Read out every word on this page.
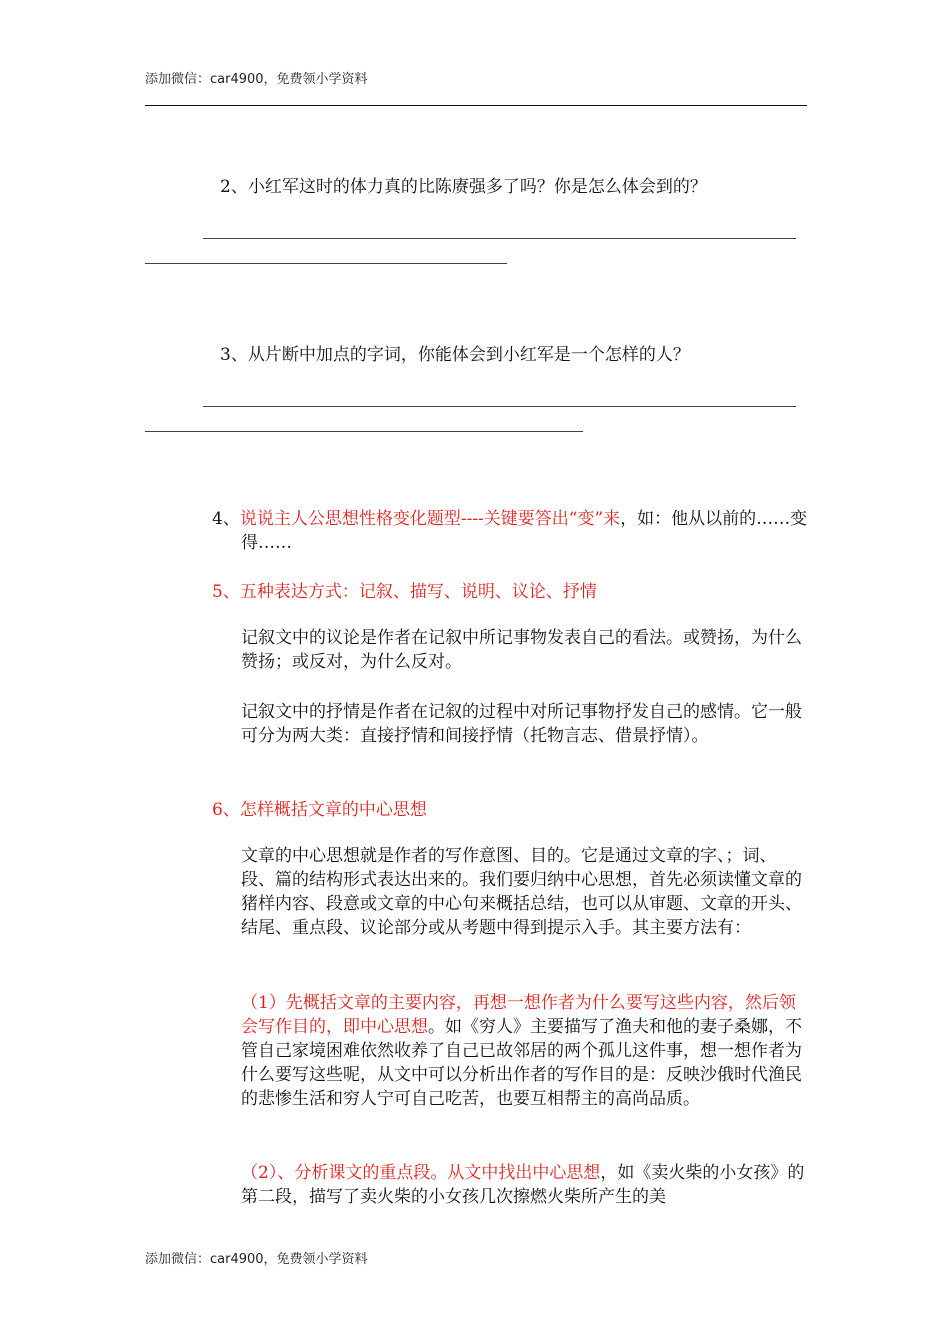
添加微信：car4900，免费领小学资料
2、小红军这时的体力真的比陈赓强多了吗？你是怎么体会到的？
3、从片断中加点的字词，你能体会到小红军是一个怎样的人？
4、说说主人公思想性格变化题型----关键要答出“变”来，如：他从以前的……变得……
5、五种表达方式：记叙、描写、说明、议论、抒情
记叙文中的议论是作者在记叙中所记事物发表自己的看法。或赞扬，为什么赞扬；或反对，为什么反对。
记叙文中的抒情是作者在记叙的过程中对所记事物抒发自己的感情。它一般可分为两大类：直接抒情和间接抒情（托物言志、借景抒情）。
6、怎样概括文章的中心思想
文章的中心思想就是作者的写作意图、目的。它是通过文章的字、；词、段、篇的结构形式表达出来的。我们要归纳中心思想，首先必须读懂文章的猪样内容、段意或文章的中心句来概括总结，也可以从审题、文章的开头、结尾、重点段、议论部分或从考题中得到提示入手。其主要方法有：
（1）先概括文章的主要内容，再想一想作者为什么要写这些内容，然后领会写作目的，即中心思想。如《穷人》主要描写了渔夫和他的妻子桑娜，不管自己家境困难依然收养了自己已故邻居的两个孤儿这件事，想一想作者为什么要写这些呢，从文中可以分析出作者的写作目的是：反映沙俄时代渔民的悲惨生活和穷人宁可自己吃苦，也要互相帮主的高尚品质。
（2）、分析课文的重点段。从文中找出中心思想，如《卖火柴的小女孩》的第二段，描写了卖火柴的小女孩几次擦燃火柴所产生的美
添加微信：car4900，免费领小学资料
